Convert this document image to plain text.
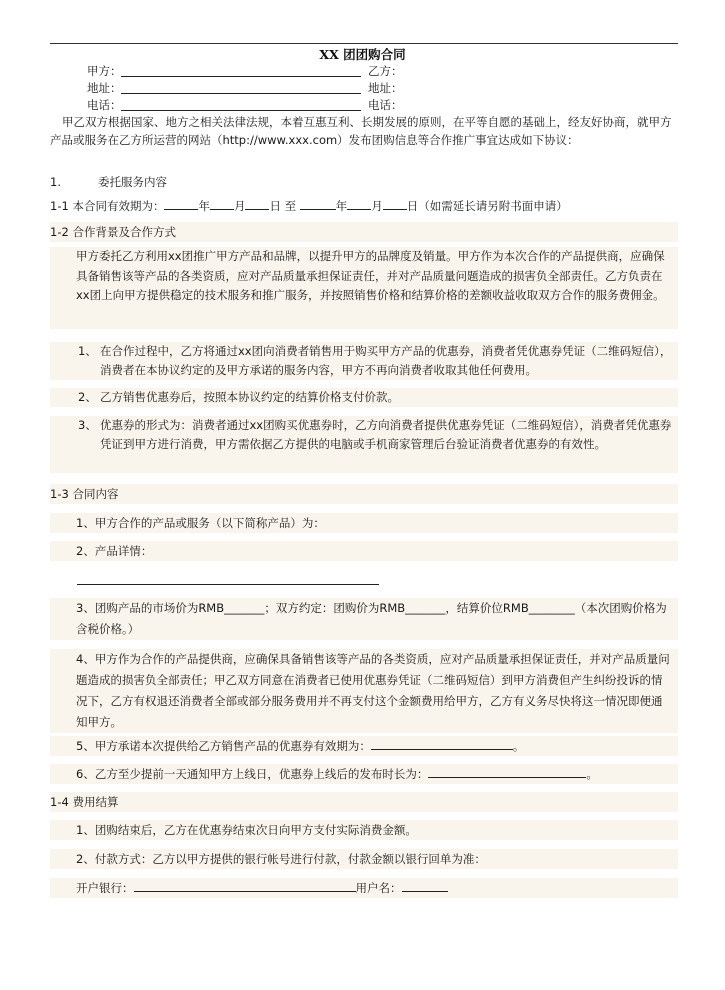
XX 团团购合同
甲方：	乙方：
地址：	地址：
电话：	电话：
甲乙双方根据国家、地方之相关法律法规，本着互惠互利、长期发展的原则，在平等自愿的基础上，经友好协商，就甲方产品或服务在乙方所运营的网站（http://www.xxx.com）发布团购信息等合作推广事宜达成如下协议：
1.	委托服务内容
1-1 本合同有效期为：	年 月 日 至	年 月 日（如需延长请另附书面申请）
1-2 合作背景及合作方式
甲方委托乙方利用xx团推广甲方产品和品牌，以提升甲方的品牌度及销量。甲方作为本次合作的产品提供商，应确保具备销售该等产品的各类资质，应对产品质量承担保证责任，并对产品质量问题造成的损害负全部责任。乙方负责在xx团上向甲方提供稳定的技术服务和推广服务，并按照销售价格和结算价格的差额收益收取双方合作的服务费佣金。
1、 在合作过程中，乙方将通过xx团向消费者销售用于购买甲方产品的优惠券，消费者凭优惠券凭证（二维码短信），消费者在本协议约定的及甲方承诺的服务内容，甲方不再向消费者收取其他任何费用。
2、 乙方销售优惠券后，按照本协议约定的结算价格支付价款。
3、 优惠券的形式为：消费者通过xx团购买优惠券时，乙方向消费者提供优惠券凭证（二维码短信），消费者凭优惠券凭证到甲方进行消费，甲方需依据乙方提供的电脑或手机商家管理后台验证消费者优惠券的有效性。
1-3 合同内容
1、甲方合作的产品或服务（以下简称产品）为：
2、产品详情：
3、团购产品的市场价为RMB_______；双方约定：团购价为RMB_______，结算价位RMB________（本次团购价格为含税价格。）
4、甲方作为合作的产品提供商，应确保具备销售该等产品的各类资质，应对产品质量承担保证责任，并对产品质量问题造成的损害负全部责任；甲乙双方同意在消费者已使用优惠券凭证（二维码短信）到甲方消费但产生纠纷投诉的情况下，乙方有权退还消费者全部或部分服务费用并不再支付这个金额费用给甲方，乙方有义务尽快将这一情况即便通知甲方。
5、甲方承诺本次提供给乙方销售产品的优惠券有效期为：	。
6、乙方至少提前一天通知甲方上线日，优惠券上线后的发布时长为：	。
1-4 费用结算
1、团购结束后，乙方在优惠券结束次日向甲方支付实际消费金额。
2、付款方式：乙方以甲方提供的银行帐号进行付款，付款金额以银行回单为准：
开户银行：	用户名：
